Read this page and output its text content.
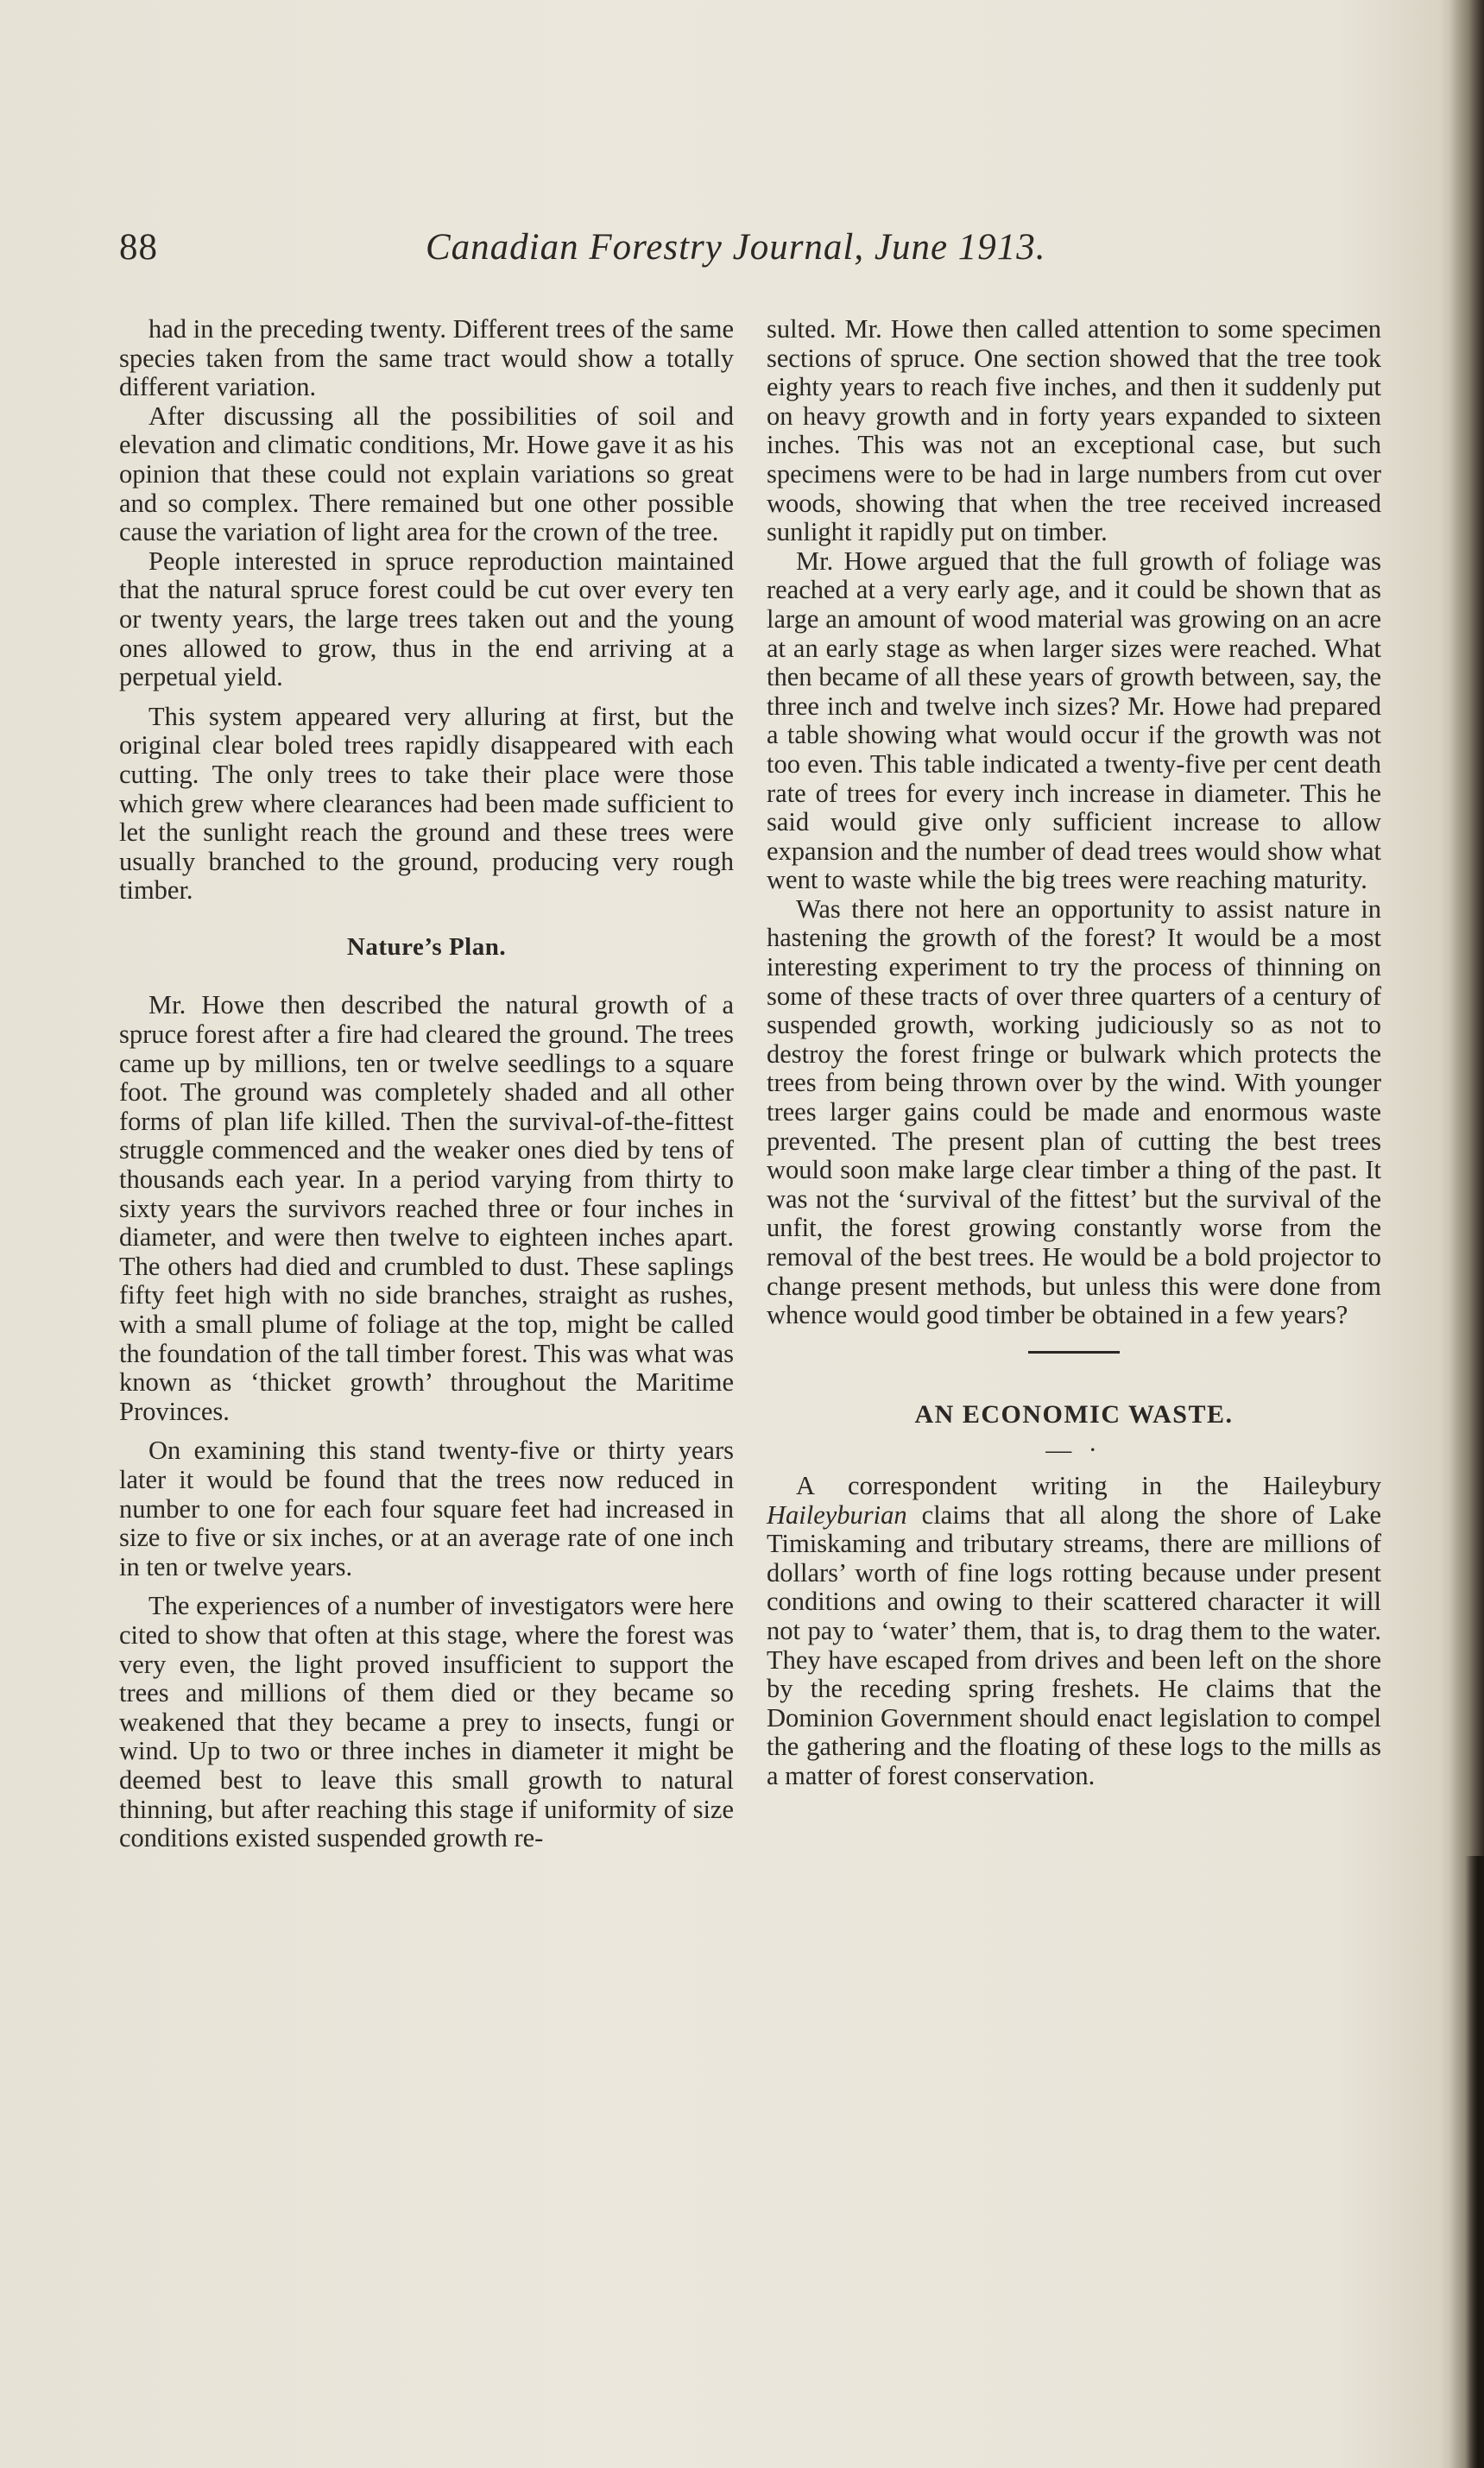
88	Canadian Forestry Journal, June 1913.

had in the preceding twenty. Different trees of the same species taken from the same tract would show a totally different variation.

After discussing all the possibilities of soil and elevation and climatic conditions, Mr. Howe gave it as his opinion that these could not explain variations so great and so complex. There remained but one other possible cause the variation of light area for the crown of the tree.

People interested in spruce reproduction maintained that the natural spruce forest could be cut over every ten or twenty years, the large trees taken out and the young ones allowed to grow, thus in the end arriving at a perpetual yield.

This system appeared very alluring at first, but the original clear boled trees rapidly disappeared with each cutting. The only trees to take their place were those which grew where clearances had been made sufficient to let the sunlight reach the ground and these trees were usually branched to the ground, producing very rough timber.

Nature’s Plan.

Mr. Howe then described the natural growth of a spruce forest after a fire had cleared the ground. The trees came up by millions, ten or twelve seedlings to a square foot. The ground was completely shaded and all other forms of plan life killed. Then the survival-of-the-fittest struggle commenced and the weaker ones died by tens of thousands each year. In a period varying from thirty to sixty years the survivors reached three or four inches in diameter, and were then twelve to eighteen inches apart. The others had died and crumbled to dust. These saplings fifty feet high with no side branches, straight as rushes, with a small plume of foliage at the top, might be called the foundation of the tall timber forest. This was what was known as ‘thicket growth’ throughout the Maritime Provinces.

On examining this stand twenty-five or thirty years later it would be found that the trees now reduced in number to one for each four square feet had increased in size to five or six inches, or at an average rate of one inch in ten or twelve years.

The experiences of a number of investigators were here cited to show that often at this stage, where the forest was very even, the light proved insufficient to support the trees and millions of them died or they became so weakened that they became a prey to insects, fungi or wind. Up to two or three inches in diameter it might be deemed best to leave this small growth to natural thinning, but after reaching this stage if uniformity of size conditions existed suspended growth re-

sulted. Mr. Howe then called attention to some specimen sections of spruce. One section showed that the tree took eighty years to reach five inches, and then it suddenly put on heavy growth and in forty years expanded to sixteen inches. This was not an exceptional case, but such specimens were to be had in large numbers from cut over woods, showing that when the tree received increased sunlight it rapidly put on timber.

Mr. Howe argued that the full growth of foliage was reached at a very early age, and it could be shown that as large an amount of wood material was growing on an acre at an early stage as when larger sizes were reached. What then became of all these years of growth between, say, the three inch and twelve inch sizes? Mr. Howe had prepared a table showing what would occur if the growth was not too even. This table indicated a twenty-five per cent death rate of trees for every inch increase in diameter. This he said would give only sufficient increase to allow expansion and the number of dead trees would show what went to waste while the big trees were reaching maturity.

Was there not here an opportunity to assist nature in hastening the growth of the forest? It would be a most interesting experiment to try the process of thinning on some of these tracts of over three quarters of a century of suspended growth, working judiciously so as not to destroy the forest fringe or bulwark which protects the trees from being thrown over by the wind. With younger trees larger gains could be made and enormous waste prevented. The present plan of cutting the best trees would soon make large clear timber a thing of the past. It was not the ‘survival of the fittest’ but the survival of the unfit, the forest growing constantly worse from the removal of the best trees. He would be a bold projector to change present methods, but unless this were done from whence would good timber be obtained in a few years?

AN ECONOMIC WASTE.
— ·

A correspondent writing in the Haileybury Haileyburian claims that all along the shore of Lake Timiskaming and tributary streams, there are millions of dollars’ worth of fine logs rotting because under present conditions and owing to their scattered character it will not pay to ‘water’ them, that is, to drag them to the water. They have escaped from drives and been left on the shore by the receding spring freshets. He claims that the Dominion Government should enact legislation to compel the gathering and the floating of these logs to the mills as a matter of forest conservation.
